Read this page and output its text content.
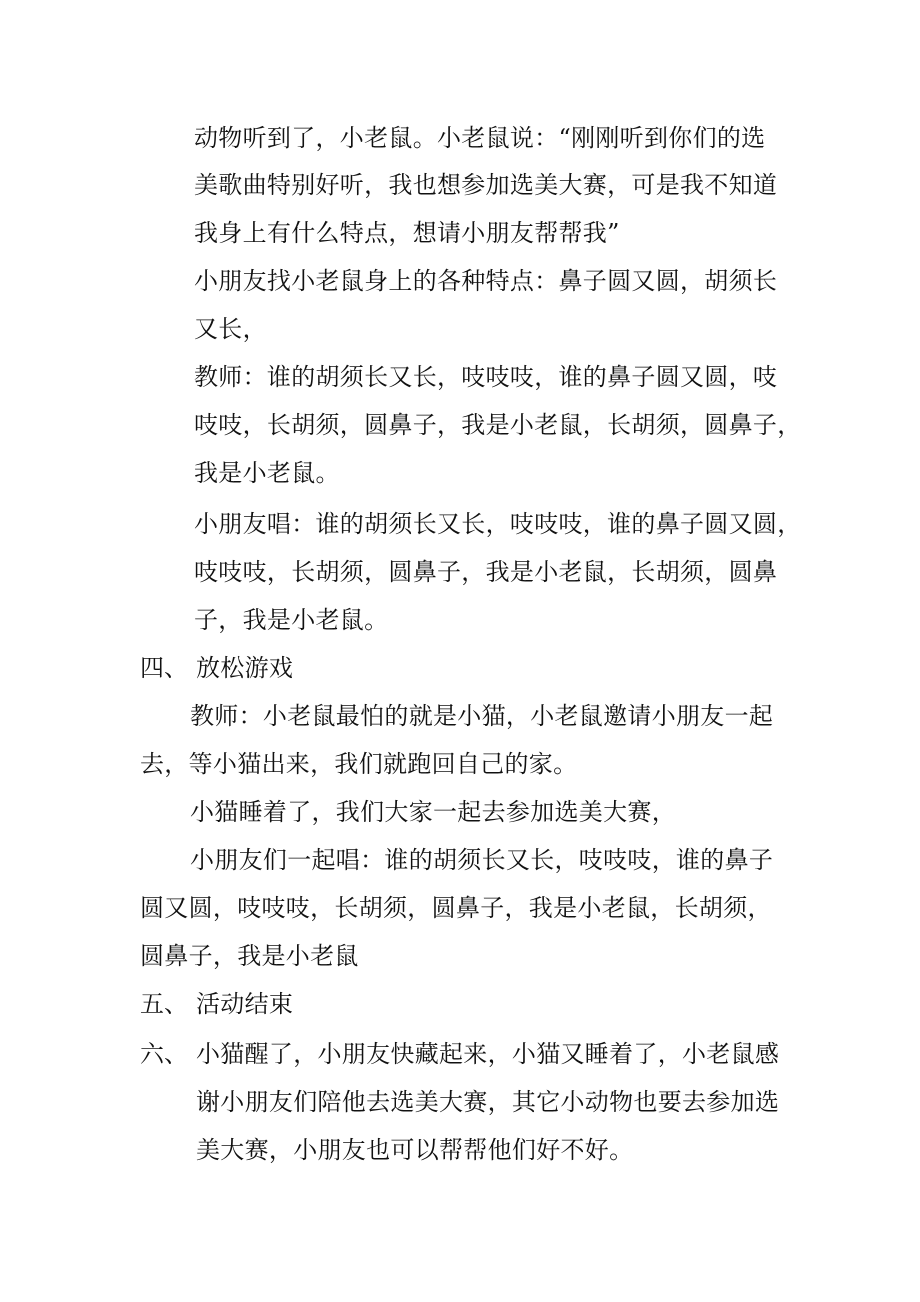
动物听到了，小老鼠。小老鼠说：“刚刚听到你们的选
美歌曲特别好听，我也想参加选美大赛，可是我不知道
我身上有什么特点，想请小朋友帮帮我”
小朋友找小老鼠身上的各种特点：鼻子圆又圆，胡须长
又长，
教师：谁的胡须长又长，吱吱吱，谁的鼻子圆又圆，吱
吱吱，长胡须，圆鼻子，我是小老鼠，长胡须，圆鼻子，
我是小老鼠。
小朋友唱：谁的胡须长又长，吱吱吱，谁的鼻子圆又圆，
吱吱吱，长胡须，圆鼻子，我是小老鼠，长胡须，圆鼻
子，我是小老鼠。
四、 放松游戏
教师：小老鼠最怕的就是小猫，小老鼠邀请小朋友一起
去，等小猫出来，我们就跑回自己的家。
小猫睡着了，我们大家一起去参加选美大赛，
小朋友们一起唱：谁的胡须长又长，吱吱吱，谁的鼻子
圆又圆，吱吱吱，长胡须，圆鼻子，我是小老鼠，长胡须，
圆鼻子，我是小老鼠
五、 活动结束
六、 小猫醒了，小朋友快藏起来，小猫又睡着了，小老鼠感
谢小朋友们陪他去选美大赛，其它小动物也要去参加选
美大赛，小朋友也可以帮帮他们好不好。
